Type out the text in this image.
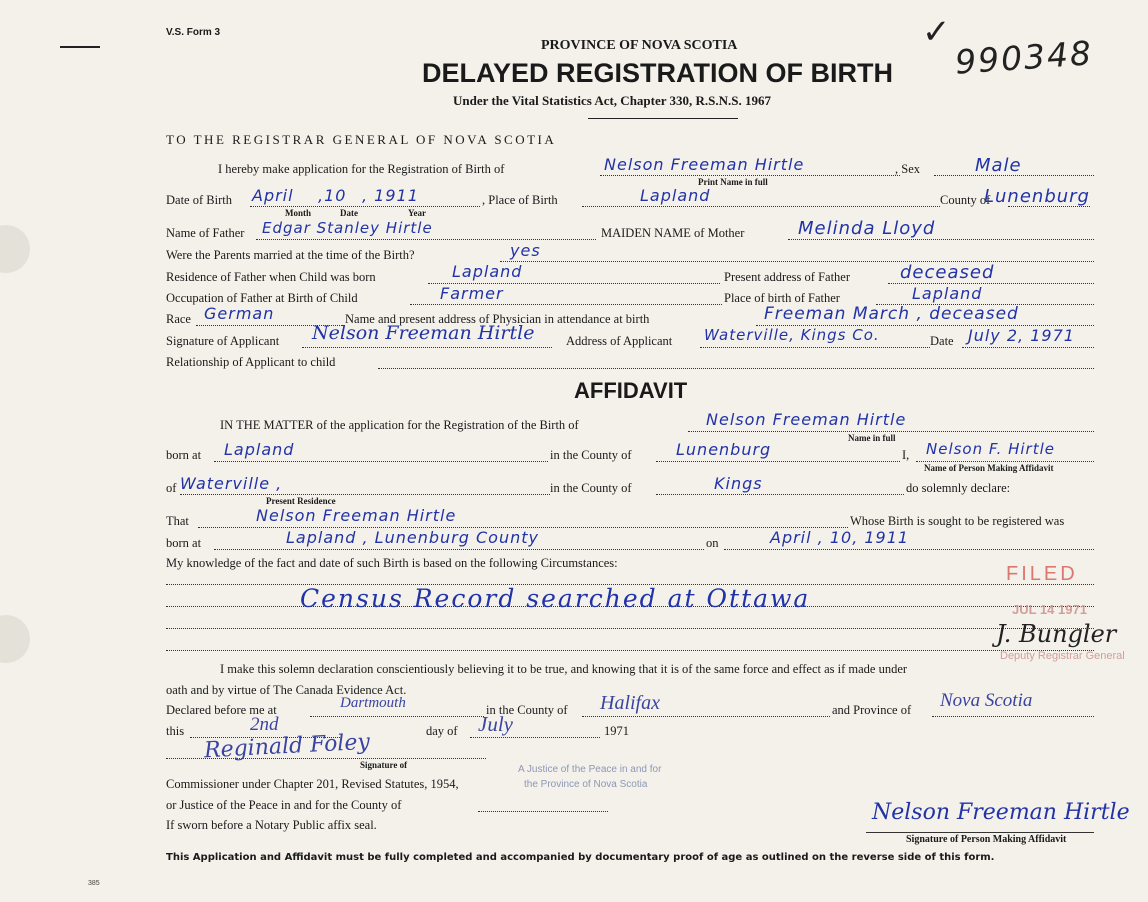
V.S. Form 3
PROVINCE OF NOVA SCOTIA
DELAYED REGISTRATION OF BIRTH
Under the Vital Statistics Act, Chapter 330, R.S.N.S. 1967
✓
990348
TO THE REGISTRAR GENERAL OF NOVA SCOTIA
I hereby make application for the Registration of Birth of	Nelson Freeman Hirtle
Print Name in full
, Sex	Male
Date of Birth April ,10 , 1911
Month	Date	Year
, Place of Birth	Lapland	County of
Lunenburg
Name of Father Edgar Stanley Hirtle	MAIDEN NAME of Mother	Melinda Lloyd
Were the Parents married at the time of the Birth?	yes
Residence of Father when Child was born	Lapland	Present address of Father	deceased
Occupation of Father at Birth of Child	Farmer	Place of birth of Father	Lapland
Race German	Name and present address of Physician in attendance at birth	Freeman March , deceased
Signature of Applicant Nelson Freeman Hirtle	Address of Applicant Waterville, Kings Co.	Date July 2, 1971
Relationship of Applicant to child
AFFIDAVIT
IN THE MATTER of the application for the Registration of the Birth of	Nelson Freeman Hirtle
Name in full
born at Lapland	in the County of	Lunenburg	I, Nelson F. Hirtle
Name of Person Making Affidavit
of Waterville ,
Present Residence
in the County of	Kings	do solemnly declare:
That	Nelson Freeman Hirtle	Whose Birth is sought to be registered was
born at	Lapland , Lunenburg County	on	April , 10, 1911
My knowledge of the fact and date of such Birth is based on the following Circumstances:
Census Record searched at Ottawa
I make this solemn declaration conscientiously believing it to be true, and knowing that it is of the same force and effect as if made under
oath and by virtue of The Canada Evidence Act.
Declared before me at	Dartmouth	in the County of Halifax	and Province of Nova Scotia
this	2nd	day of July	1971
Reginald Foley
Signature of
Commissioner under Chapter 201, Revised Statutes, 1954,
A Justice of the Peace in and for
the Province of Nova Scotia
or Justice of the Peace in and for the County of
If sworn before a Notary Public affix seal.	Nelson Freeman Hirtle
Signature of Person Making Affidavit
FILED
JUL 14 1971
J. Bungler
Deputy Registrar General
This Application and Affidavit must be fully completed and accompanied by documentary proof of age as outlined on the reverse side of this form.
385
